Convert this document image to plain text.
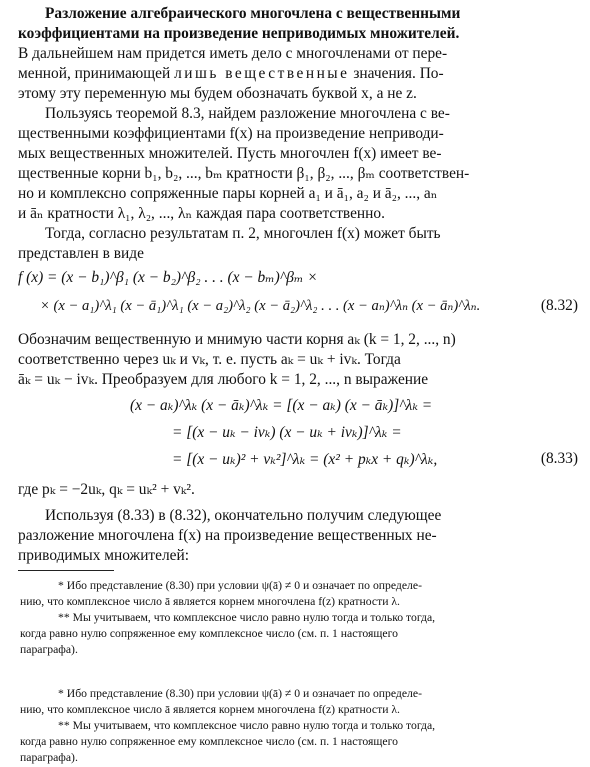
Разложение алгебраического многочлена с вещественными
коэффициентами на произведение неприводимых множителей.
В дальнейшем нам придется иметь дело с многочленами от пере-
менной, принимающей лишь вещественные значения. По-
этому эту переменную мы будем обозначать буквой x, а не z.
Пользуясь теоремой 8.3, найдем разложение многочлена с ве-
щественными коэффициентами f(x) на произведение неприводи-
мых вещественных множителей. Пусть многочлен f(x) имеет ве-
щественные корни b₁, b₂, ..., bₘ кратности β₁, β₂, ..., βₘ соответствен-
но и комплексно сопряженные пары корней a₁ и ā₁, a₂ и ā₂, ..., aₙ
и āₙ кратности λ₁, λ₂, ..., λₙ каждая пара соответственно.
Тогда, согласно результатам п. 2, многочлен f(x) может быть
представлен в виде
f (x) = (x − b₁)^β₁ (x − b₂)^β₂ . . . (x − bₘ)^βₘ ×
× (x − a₁)^λ₁ (x − ā₁)^λ₁ (x − a₂)^λ₂ (x − ā₂)^λ₂ . . . (x − aₙ)^λₙ (x − āₙ)^λₙ.	(8.32)
Обозначим вещественную и мнимую части корня aₖ (k = 1, 2, ..., n)
соответственно через uₖ и vₖ, т. е. пусть aₖ = uₖ + ivₖ. Тогда
āₖ = uₖ − ivₖ. Преобразуем для любого k = 1, 2, ..., n выражение
(x − aₖ)^λₖ (x − āₖ)^λₖ = [(x − aₖ) (x − āₖ)]^λₖ =
= [(x − uₖ − ivₖ) (x − uₖ + ivₖ)]^λₖ =
= [(x − uₖ)² + vₖ²]^λₖ = (x² + pₖx + qₖ)^λₖ,	(8.33)
где pₖ = −2uₖ, qₖ = uₖ² + vₖ².
Используя (8.33) в (8.32), окончательно получим следующее
разложение многочлена f(x) на произведение вещественных не-
приводимых множителей:
* Ибо представление (8.30) при условии ψ(ā) ≠ 0 и означает по определе-
нию, что комплексное число ā является корнем многочлена f(z) кратности λ.
** Мы учитываем, что комплексное число равно нулю тогда и только тогда,
когда равно нулю сопряженное ему комплексное число (см. п. 1 настоящего
параграфа).
* Ибо представление (8.30) при условии ψ(ā) ≠ 0 и означает по определе-
нию, что комплексное число ā является корнем многочлена f(z) кратности λ.
** Мы учитываем, что комплексное число равно нулю тогда и только тогда,
когда равно нулю сопряженное ему комплексное число (см. п. 1 настоящего
параграфа).
